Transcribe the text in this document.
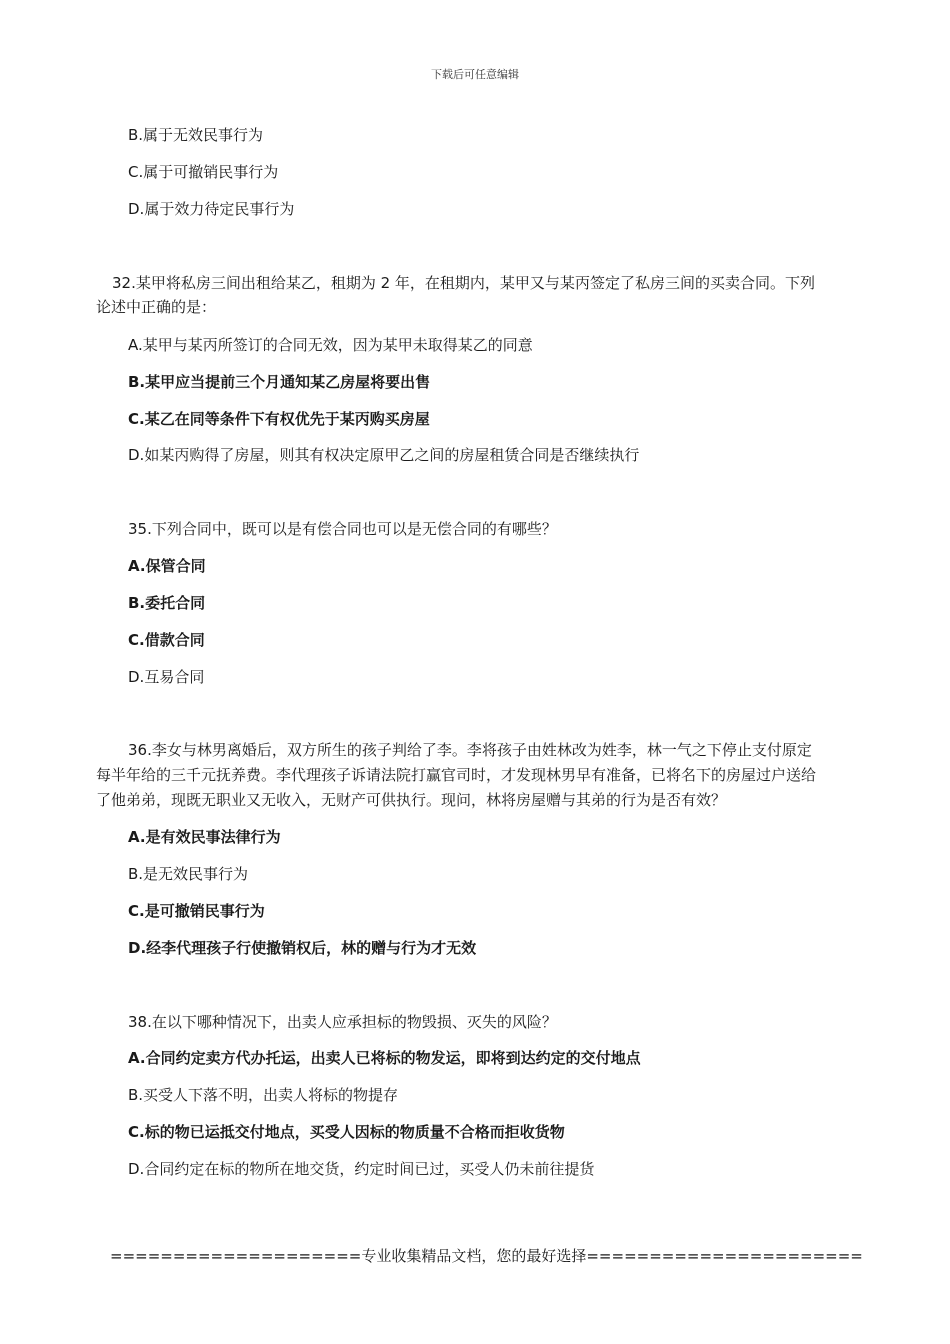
下载后可任意编辑
B.属于无效民事行为
C.属于可撤销民事行为
D.属于效力待定民事行为
32.某甲将私房三间出租给某乙，租期为 2 年，在租期内，某甲又与某丙签定了私房三间的买卖合同。下列
论述中正确的是：
A.某甲与某丙所签订的合同无效，因为某甲未取得某乙的同意
B.某甲应当提前三个月通知某乙房屋将要出售
C.某乙在同等条件下有权优先于某丙购买房屋
D.如某丙购得了房屋，则其有权决定原甲乙之间的房屋租赁合同是否继续执行
35.下列合同中，既可以是有偿合同也可以是无偿合同的有哪些？
A.保管合同
B.委托合同
C.借款合同
D.互易合同
36.李女与林男离婚后，双方所生的孩子判给了李。李将孩子由姓林改为姓李，林一气之下停止支付原定
每半年给的三千元抚养费。李代理孩子诉请法院打赢官司时，才发现林男早有准备，已将名下的房屋过户送给
了他弟弟，现既无职业又无收入，无财产可供执行。现问，林将房屋赠与其弟的行为是否有效？
A.是有效民事法律行为
B.是无效民事行为
C.是可撤销民事行为
D.经李代理孩子行使撤销权后，林的赠与行为才无效
38.在以下哪种情况下，出卖人应承担标的物毁损、灭失的风险？
A.合同约定卖方代办托运，出卖人已将标的物发运，即将到达约定的交付地点
B.买受人下落不明，出卖人将标的物提存
C.标的物已运抵交付地点，买受人因标的物质量不合格而拒收货物
D.合同约定在标的物所在地交货，约定时间已过，买受人仍未前往提货
====================专业收集精品文档，您的最好选择======================
